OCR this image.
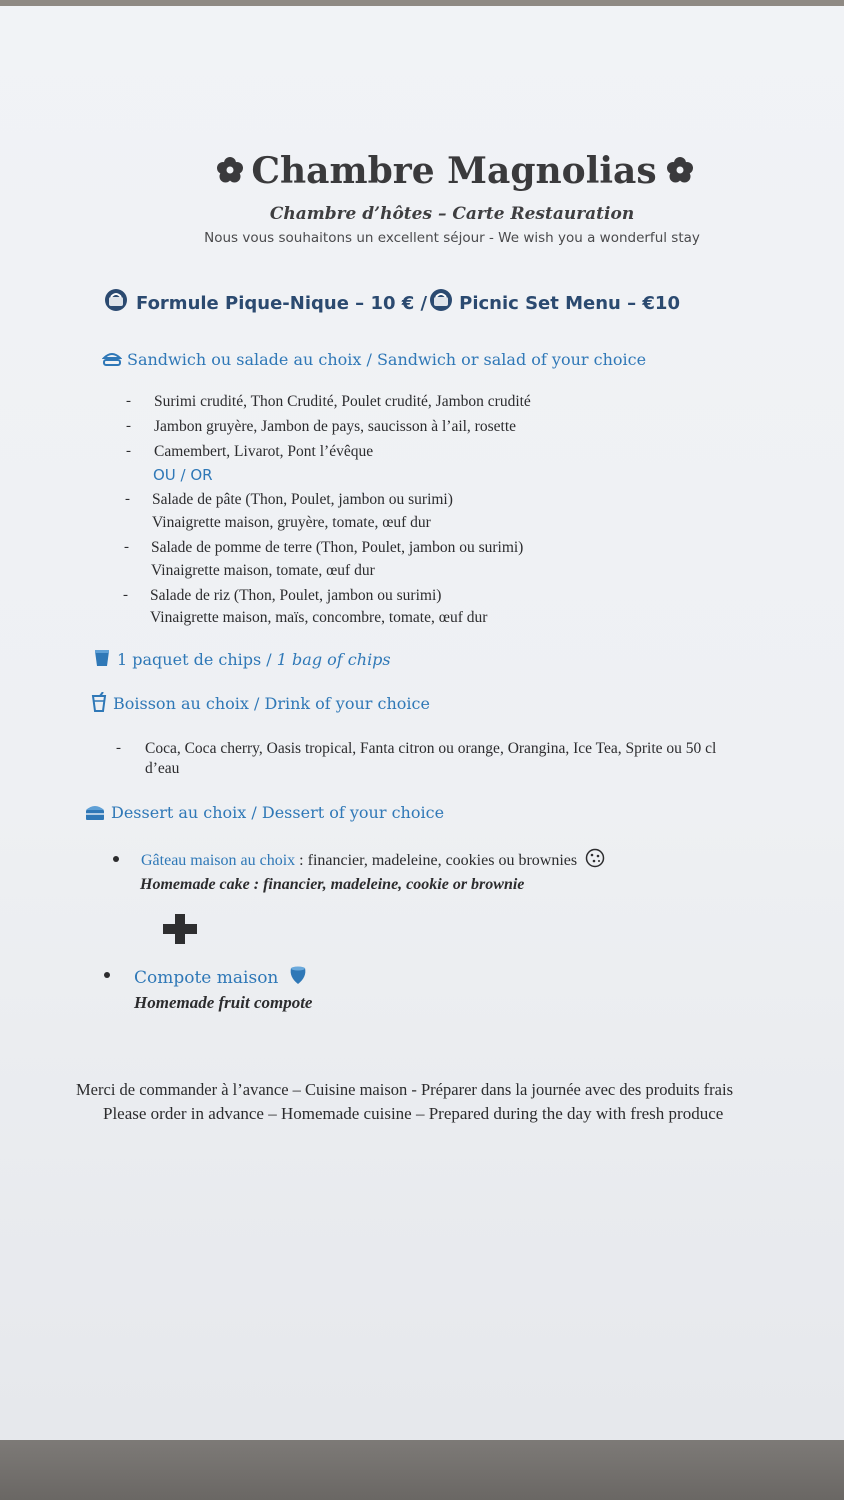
Chambre Magnolias
Chambre d’hôtes – Carte Restauration
Nous vous souhaitons un excellent séjour - We wish you a wonderful stay
Formule Pique-Nique – 10 € / Picnic Set Menu – €10
Sandwich ou salade au choix / Sandwich or salad of your choice
- Surimi crudité, Thon Crudité, Poulet crudité, Jambon crudité
- Jambon gruyère, Jambon de pays, saucisson à l’ail, rosette
- Camembert, Livarot, Pont l’évêque
OU / OR
- Salade de pâte (Thon, Poulet, jambon ou surimi)
Vinaigrette maison, gruyère, tomate, œuf dur
- Salade de pomme de terre (Thon, Poulet, jambon ou surimi)
Vinaigrette maison, tomate, œuf dur
- Salade de riz (Thon, Poulet, jambon ou surimi)
Vinaigrette maison, maïs, concombre, tomate, œuf dur
1 paquet de chips / 1 bag of chips
Boisson au choix / Drink of your choice
- Coca, Coca cherry, Oasis tropical, Fanta citron ou orange, Orangina, Ice Tea, Sprite ou 50 cl
d’eau
Dessert au choix / Dessert of your choice
Gâteau maison au choix : financier, madeleine, cookies ou brownies
Homemade cake : financier, madeleine, cookie or brownie
Compote maison
Homemade fruit compote
Merci de commander à l’avance – Cuisine maison - Préparer dans la journée avec des produits frais
Please order in advance – Homemade cuisine – Prepared during the day with fresh produce
